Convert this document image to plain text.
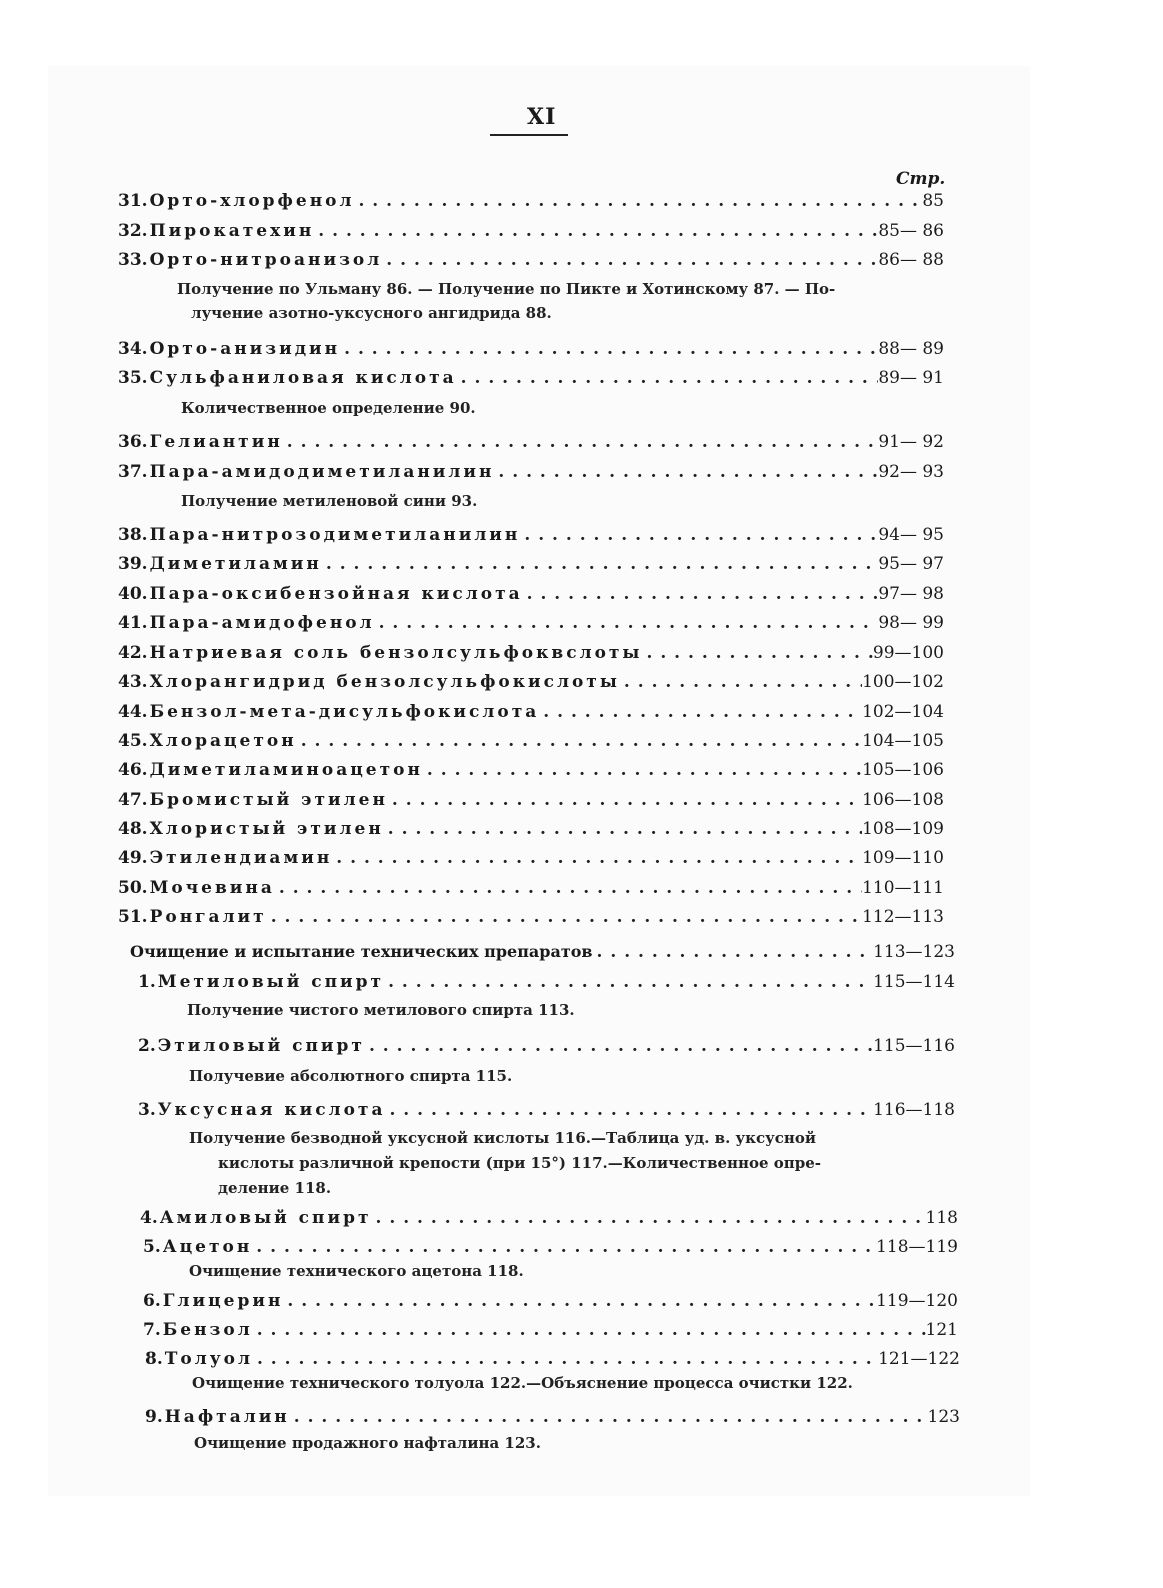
XI
Стр.
31. Орто-хлорфенол . . .	85
32. Пирокатехин . . .	85— 86
33. Орто-нитроанизол . . .	86— 88
Получение по Ульману 86. — Получение по Пикте и Хотинскому 87. — По-
лучение азотно-уксусного ангидрида 88.
34. Орто-анизидин . . .	88— 89
35. Сульфаниловая кислота . . .	89— 91
Количественное определение 90.
36. Гелиантин . . .	91— 92
37. Пара-амидодиметиланилин . . .	92— 93
Получение метиленовой сини 93.
38. Пара-нитрозодиметиланилин . . .	94— 95
39. Диметиламин . . .	95— 97
40. Пара-оксибензойная кислота . . .	97— 98
41. Пара-амидофенол . . .	98— 99
42. Натриевая соль бензолсульфоквслоты . . .	99—100
43. Хлорангидрид бензолсульфокислоты . . .	100—102
44. Бензол-мета-дисульфокислота . . .	102—104
45. Хлорацетон . . .	104—105
46. Диметиламиноацетон . . .	105—106
47. Бромистый этилен . . .	106—108
48. Хлористый этилен . . .	108—109
49. Этилендиамин . . .	109—110
50. Мочевина . . .	110—111
51. Ронгалит . . .	112—113
Очищение и испытание технических препаратов . . .	113—123
1. Метиловый спирт . . .	115—114
Получение чистого метилового спирта 113.
2. Этиловый спирт . . .	115—116
Получевие абсолютного спирта 115.
3. Уксусная кислота . . .	116—118
Получение безводной уксусной кислоты 116.—Таблица уд. в. уксусной
кислоты различной крепости (при 15°) 117.—Количественное опре-
деление 118.
4. Амиловый спирт . . .	118
5. Ацетон . . .	118—119
Очищение технического ацетона 118.
6. Глицерин . . .	119—120
7. Бензол . . .	121
8. Толуол . . .	121—122
Очищение технического толуола 122.—Объяснение процесса очистки 122.
9. Нафталин . . .	123
Очищение продажного нафталина 123.
